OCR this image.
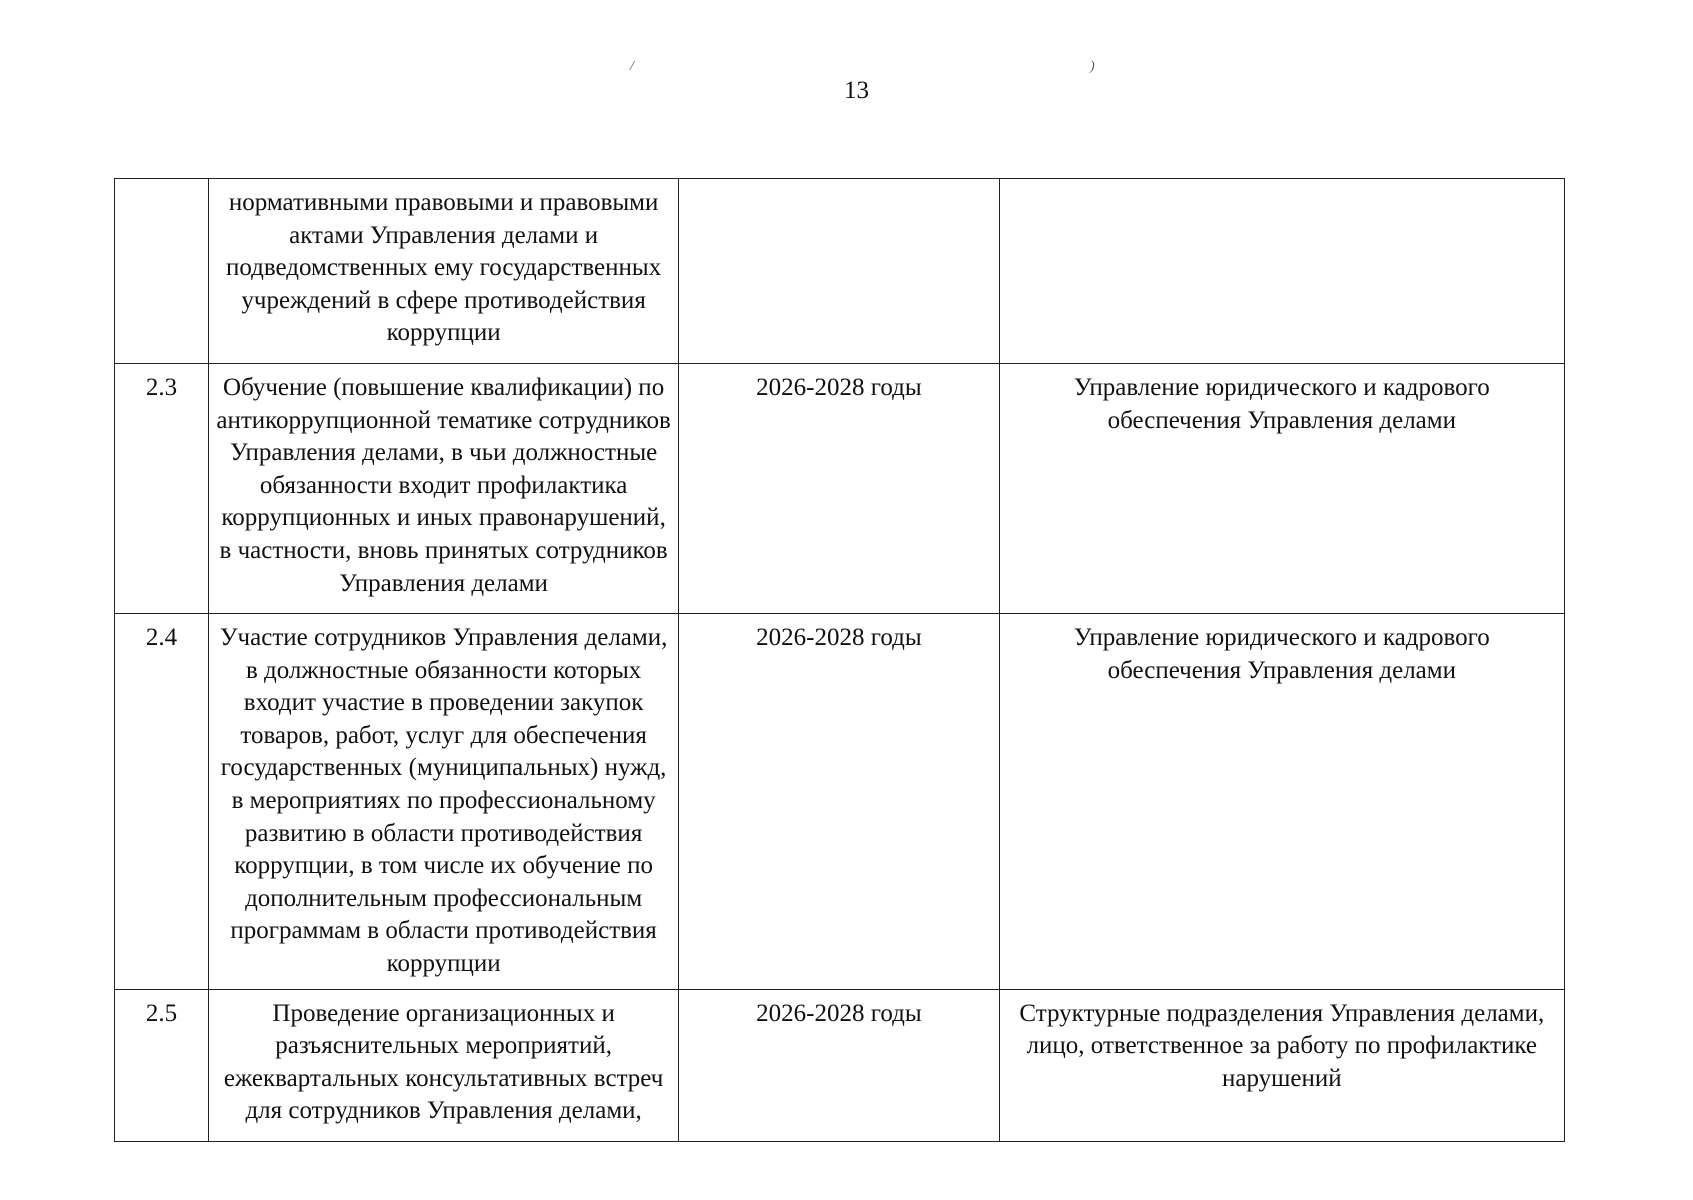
/	)
13
	нормативными правовыми и правовыми актами Управления делами и подведомственных ему государственных учреждений в сфере противодействия коррупции		
2.3	Обучение (повышение квалификации) по антикоррупционной тематике сотрудников Управления делами, в чьи должностные обязанности входит профилактика коррупционных и иных правонарушений, в частности, вновь принятых сотрудников Управления делами	2026-2028 годы	Управление юридического и кадрового обеспечения Управления делами
2.4	Участие сотрудников Управления делами, в должностные обязанности которых входит участие в проведении закупок товаров, работ, услуг для обеспечения государственных (муниципальных) нужд, в мероприятиях по профессиональному развитию в области противодействия коррупции, в том числе их обучение по дополнительным профессиональным программам в области противодействия коррупции	2026-2028 годы	Управление юридического и кадрового обеспечения Управления делами
2.5	Проведение организационных и разъяснительных мероприятий, ежеквартальных консультативных встреч для сотрудников Управления делами,	2026-2028 годы	Структурные подразделения Управления делами, лицо, ответственное за работу по профилактике нарушений
